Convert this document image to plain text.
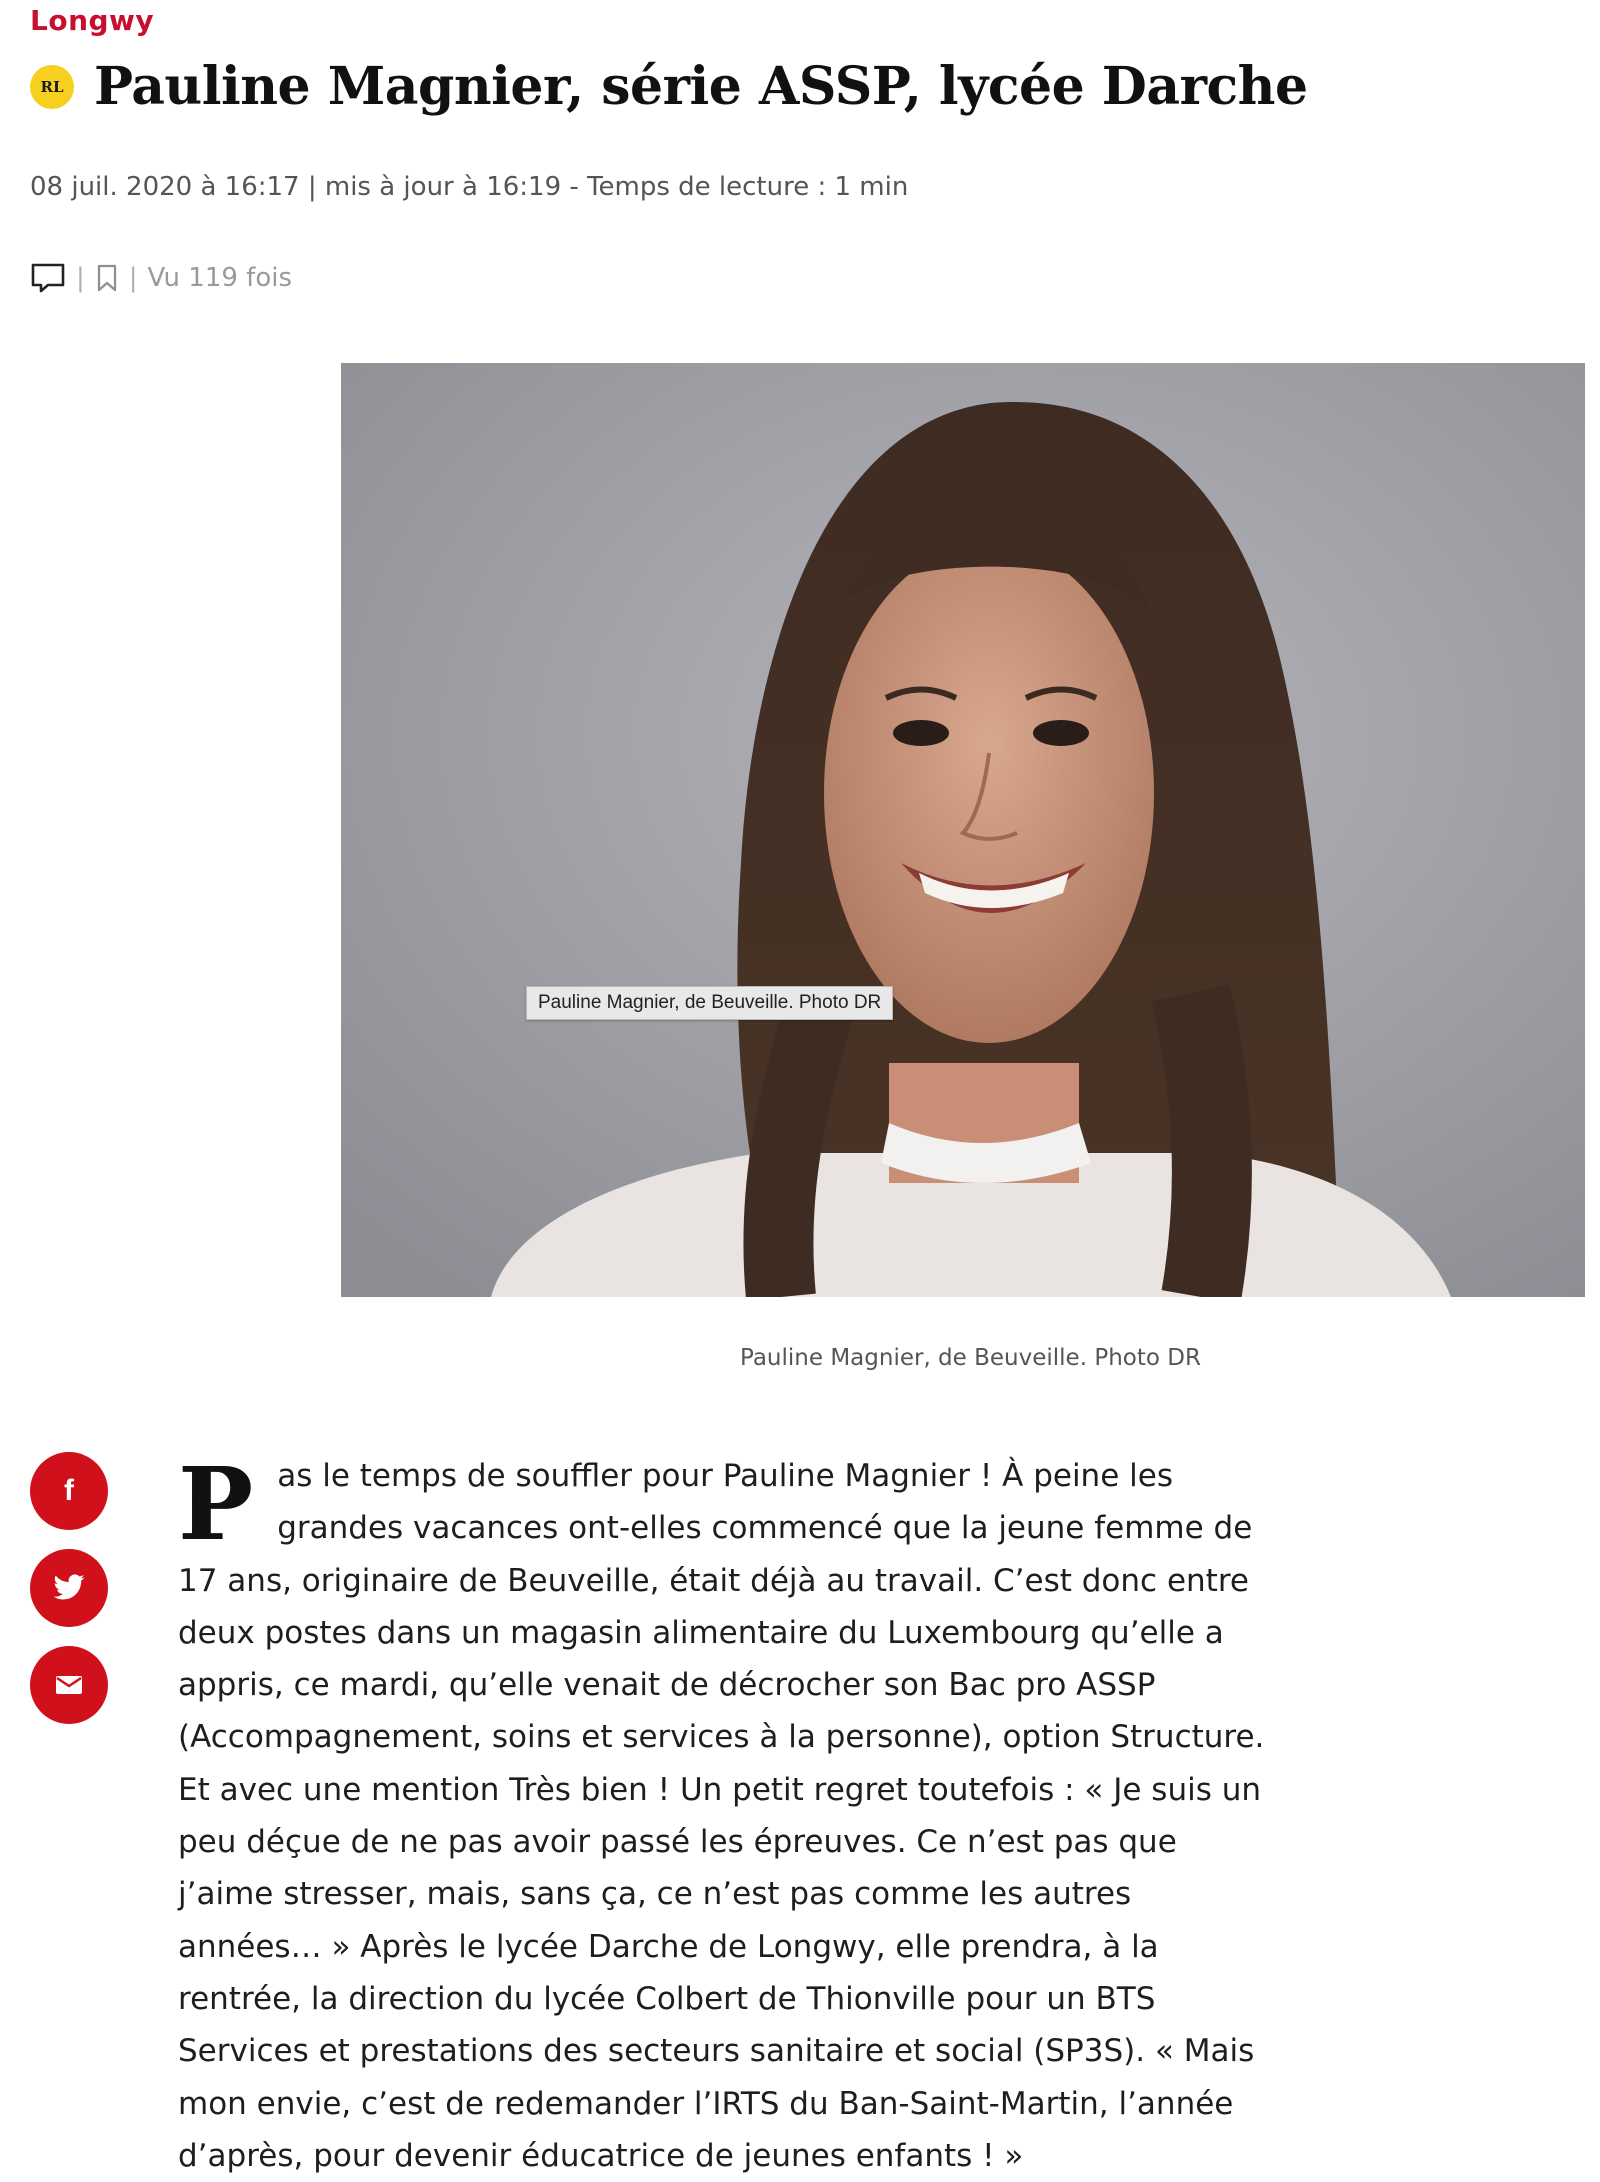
Longwy
RL Pauline Magnier, série ASSP, lycée Darche
08 juil. 2020 à 16:17 | mis à jour à 16:19 - Temps de lecture : 1 min
| | Vu 119 fois
Pauline Magnier, de Beuveille. Photo DR
Pauline Magnier, de Beuveille. Photo DR
f P as le temps de souffler pour Pauline Magnier ! À peine les grandes vacances ont-elles commencé que la jeune femme de 17 ans, originaire de Beuveille, était déjà au travail. C’est donc entre deux postes dans un magasin alimentaire du Luxembourg qu’elle a appris, ce mardi, qu’elle venait de décrocher son Bac pro ASSP (Accompagnement, soins et services à la personne), option Structure. Et avec une mention Très bien ! Un petit regret toutefois : « Je suis un peu déçue de ne pas avoir passé les épreuves. Ce n’est pas que j’aime stresser, mais, sans ça, ce n’est pas comme les autres années… » Après le lycée Darche de Longwy, elle prendra, à la rentrée, la direction du lycée Colbert de Thionville pour un BTS Services et prestations des secteurs sanitaire et social (SP3S). « Mais mon envie, c’est de redemander l’IRTS du Ban-Saint-Martin, l’année d’après, pour devenir éducatrice de jeunes enfants ! »
